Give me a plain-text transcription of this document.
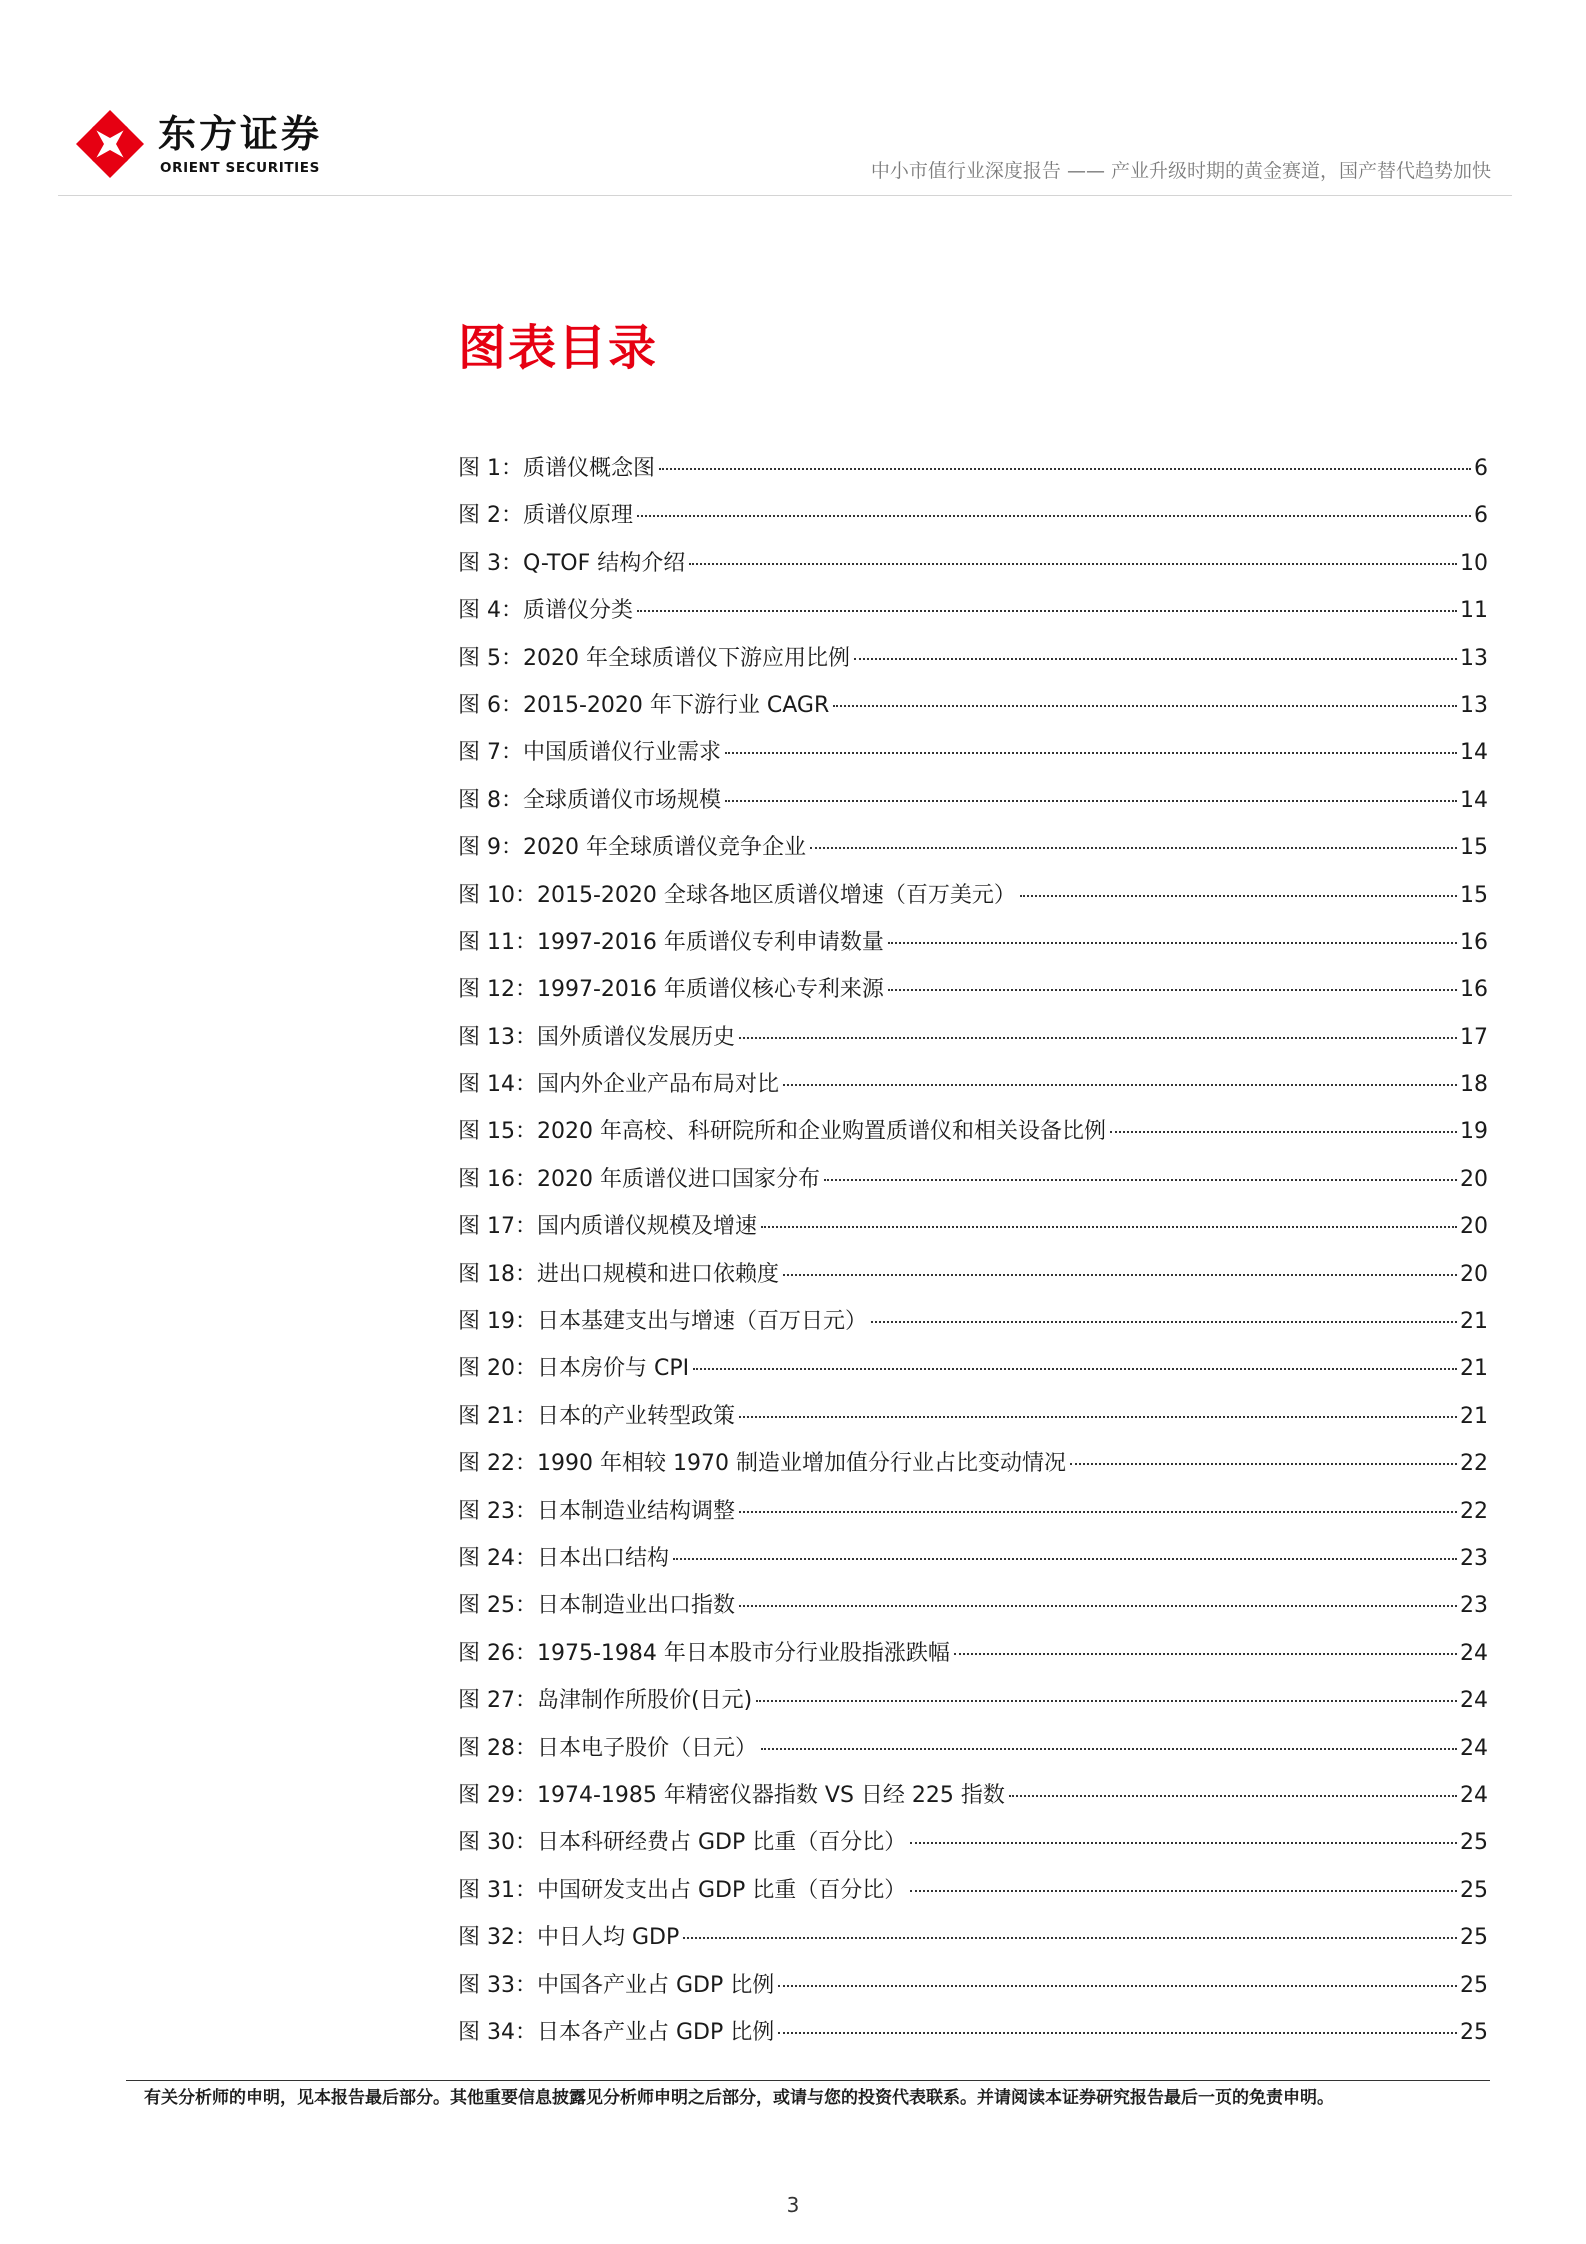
东方证券
ORIENT SECURITIES	中小市值行业深度报告 —— 产业升级时期的黄金赛道，国产替代趋势加快
图表目录
图 1：质谱仪概念图	6
图 2：质谱仪原理	6
图 3：Q-TOF 结构介绍	10
图 4：质谱仪分类	11
图 5：2020 年全球质谱仪下游应用比例	13
图 6：2015-2020 年下游行业 CAGR	13
图 7：中国质谱仪行业需求	14
图 8：全球质谱仪市场规模	14
图 9：2020 年全球质谱仪竞争企业	15
图 10：2015-2020 全球各地区质谱仪增速（百万美元）	15
图 11：1997-2016 年质谱仪专利申请数量	16
图 12：1997-2016 年质谱仪核心专利来源	16
图 13：国外质谱仪发展历史	17
图 14：国内外企业产品布局对比	18
图 15：2020 年高校、科研院所和企业购置质谱仪和相关设备比例	19
图 16：2020 年质谱仪进口国家分布	20
图 17：国内质谱仪规模及增速	20
图 18：进出口规模和进口依赖度	20
图 19：日本基建支出与增速（百万日元）	21
图 20：日本房价与 CPI	21
图 21：日本的产业转型政策	21
图 22：1990 年相较 1970 制造业增加值分行业占比变动情况	22
图 23：日本制造业结构调整	22
图 24：日本出口结构	23
图 25：日本制造业出口指数	23
图 26：1975-1984 年日本股市分行业股指涨跌幅	24
图 27：岛津制作所股价(日元)	24
图 28：日本电子股价（日元）	24
图 29：1974-1985 年精密仪器指数 VS 日经 225 指数	24
图 30：日本科研经费占 GDP 比重（百分比）	25
图 31：中国研发支出占 GDP 比重（百分比）	25
图 32：中日人均 GDP	25
图 33：中国各产业占 GDP 比例	25
图 34：日本各产业占 GDP 比例	25
有关分析师的申明，见本报告最后部分。其他重要信息披露见分析师申明之后部分，或请与您的投资代表联系。并请阅读本证券研究报告最后一页的免责申明。
3
